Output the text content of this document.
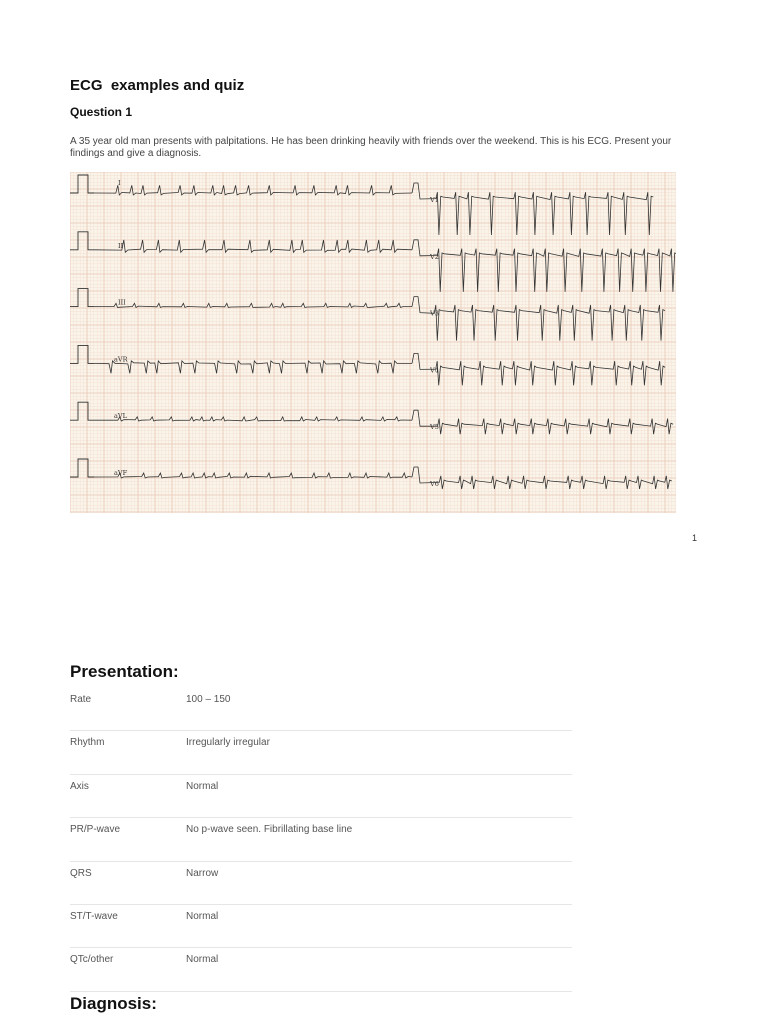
ECG  examples and quiz
Question 1
A 35 year old man presents with palpitations. He has been drinking heavily with friends over the weekend. This is his ECG. Present your findings and give a diagnosis.
I
V1
II
V2
III
V3
aVR
V4
aVL
V5
aVF
V6
1
Presentation:
Rate	100 – 150
Rhythm	Irregularly irregular
Axis	Normal
PR/P-wave	No p-wave seen. Fibrillating base line
QRS	Narrow
ST/T-wave	Normal
QTc/other	Normal
Diagnosis:
